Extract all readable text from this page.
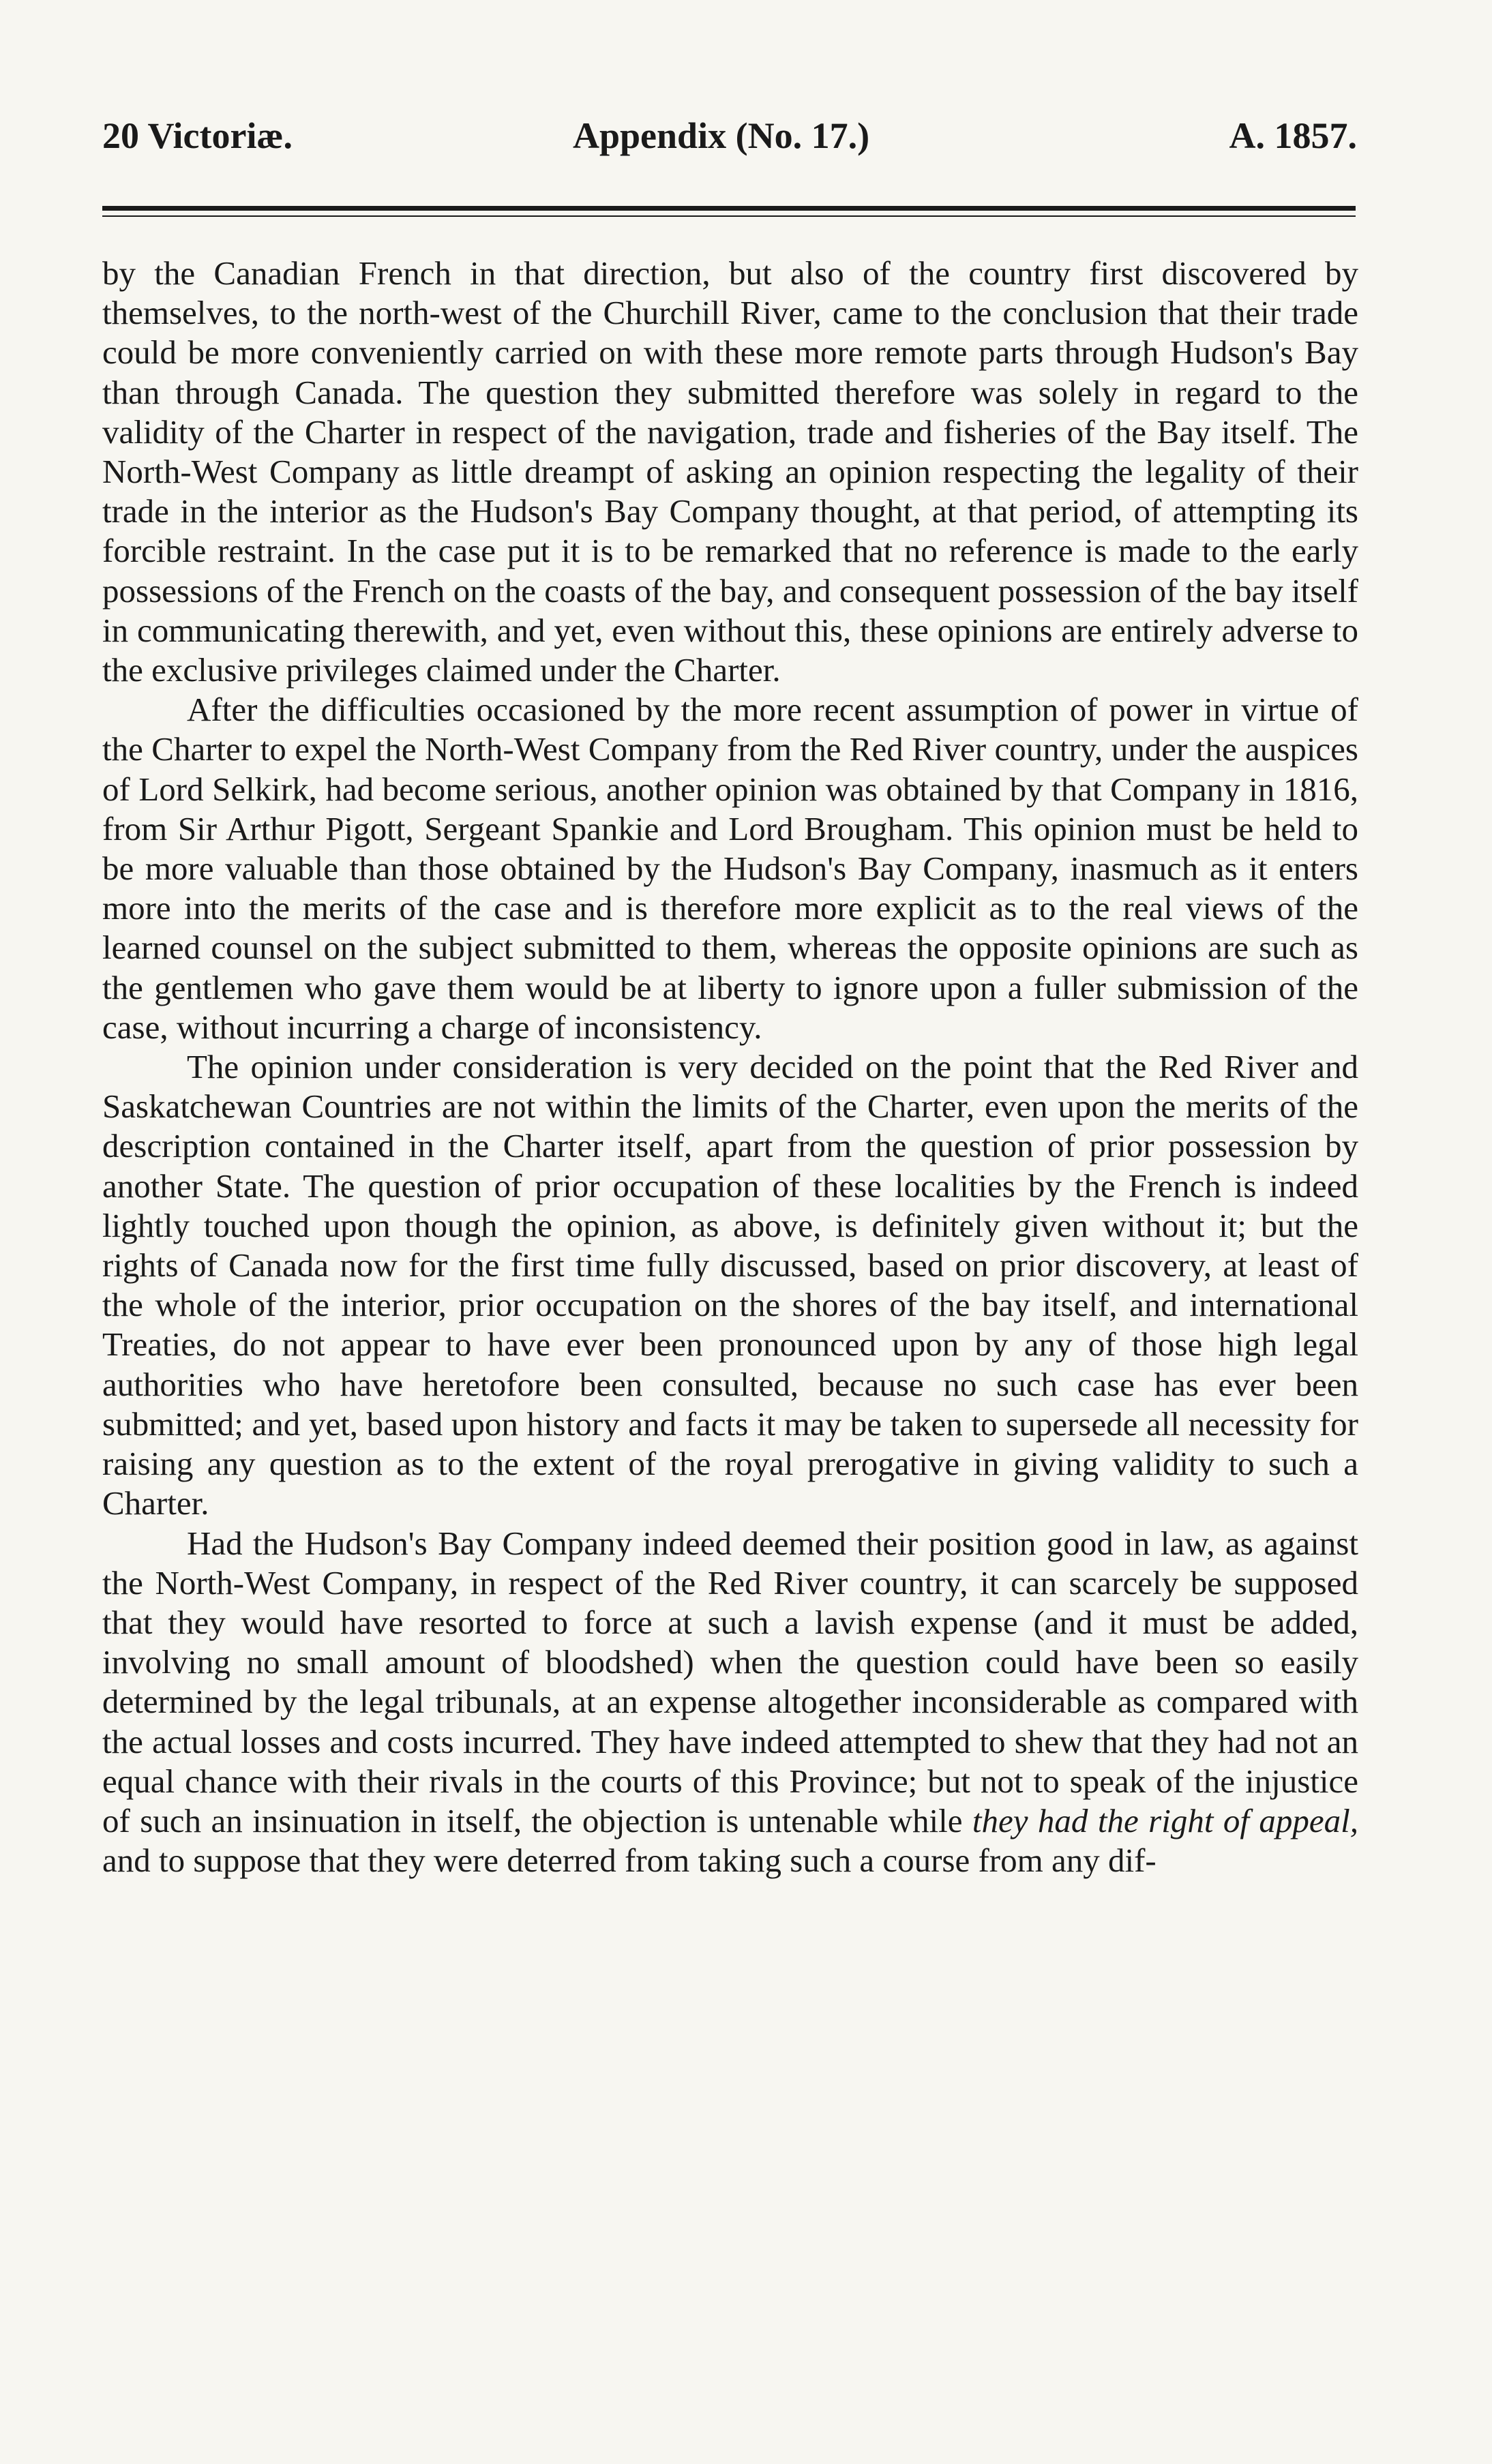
20 Victoriæ.	Appendix (No. 17.)	A. 1857.

by the Canadian French in that direction, but also of the country first discovered by themselves, to the north-west of the Churchill River, came to the conclusion that their trade could be more conveniently carried on with these more remote parts through Hudson's Bay than through Canada. The question they submitted therefore was solely in regard to the validity of the Charter in respect of the navigation, trade and fisheries of the Bay itself. The North-West Company as little dreampt of asking an opinion respecting the legality of their trade in the interior as the Hudson's Bay Company thought, at that period, of attempting its forcible restraint. In the case put it is to be remarked that no reference is made to the early possessions of the French on the coasts of the bay, and consequent possession of the bay itself in communicating therewith, and yet, even without this, these opinions are entirely adverse to the exclusive privileges claimed under the Charter.

After the difficulties occasioned by the more recent assumption of power in virtue of the Charter to expel the North-West Company from the Red River country, under the auspices of Lord Selkirk, had become serious, another opinion was obtained by that Company in 1816, from Sir Arthur Pigott, Sergeant Spankie and Lord Brougham. This opinion must be held to be more valuable than those obtained by the Hudson's Bay Company, inasmuch as it enters more into the merits of the case and is therefore more explicit as to the real views of the learned counsel on the subject submitted to them, whereas the opposite opinions are such as the gentlemen who gave them would be at liberty to ignore upon a fuller submission of the case, without incurring a charge of inconsistency.

The opinion under consideration is very decided on the point that the Red River and Saskatchewan Countries are not within the limits of the Charter, even upon the merits of the description contained in the Charter itself, apart from the question of prior possession by another State. The question of prior occupation of these localities by the French is indeed lightly touched upon though the opinion, as above, is definitely given without it; but the rights of Canada now for the first time fully discussed, based on prior discovery, at least of the whole of the interior, prior occupation on the shores of the bay itself, and international Treaties, do not appear to have ever been pronounced upon by any of those high legal authorities who have heretofore been consulted, because no such case has ever been submitted; and yet, based upon history and facts it may be taken to supersede all necessity for raising any question as to the extent of the royal prerogative in giving validity to such a Charter.

Had the Hudson's Bay Company indeed deemed their position good in law, as against the North-West Company, in respect of the Red River country, it can scarcely be supposed that they would have resorted to force at such a lavish expense (and it must be added, involving no small amount of bloodshed) when the question could have been so easily determined by the legal tribunals, at an expense altogether inconsiderable as compared with the actual losses and costs incurred. They have indeed attempted to shew that they had not an equal chance with their rivals in the courts of this Province; but not to speak of the injustice of such an insinuation in itself, the objection is untenable while they had the right of appeal, and to suppose that they were deterred from taking such a course from any dif-
